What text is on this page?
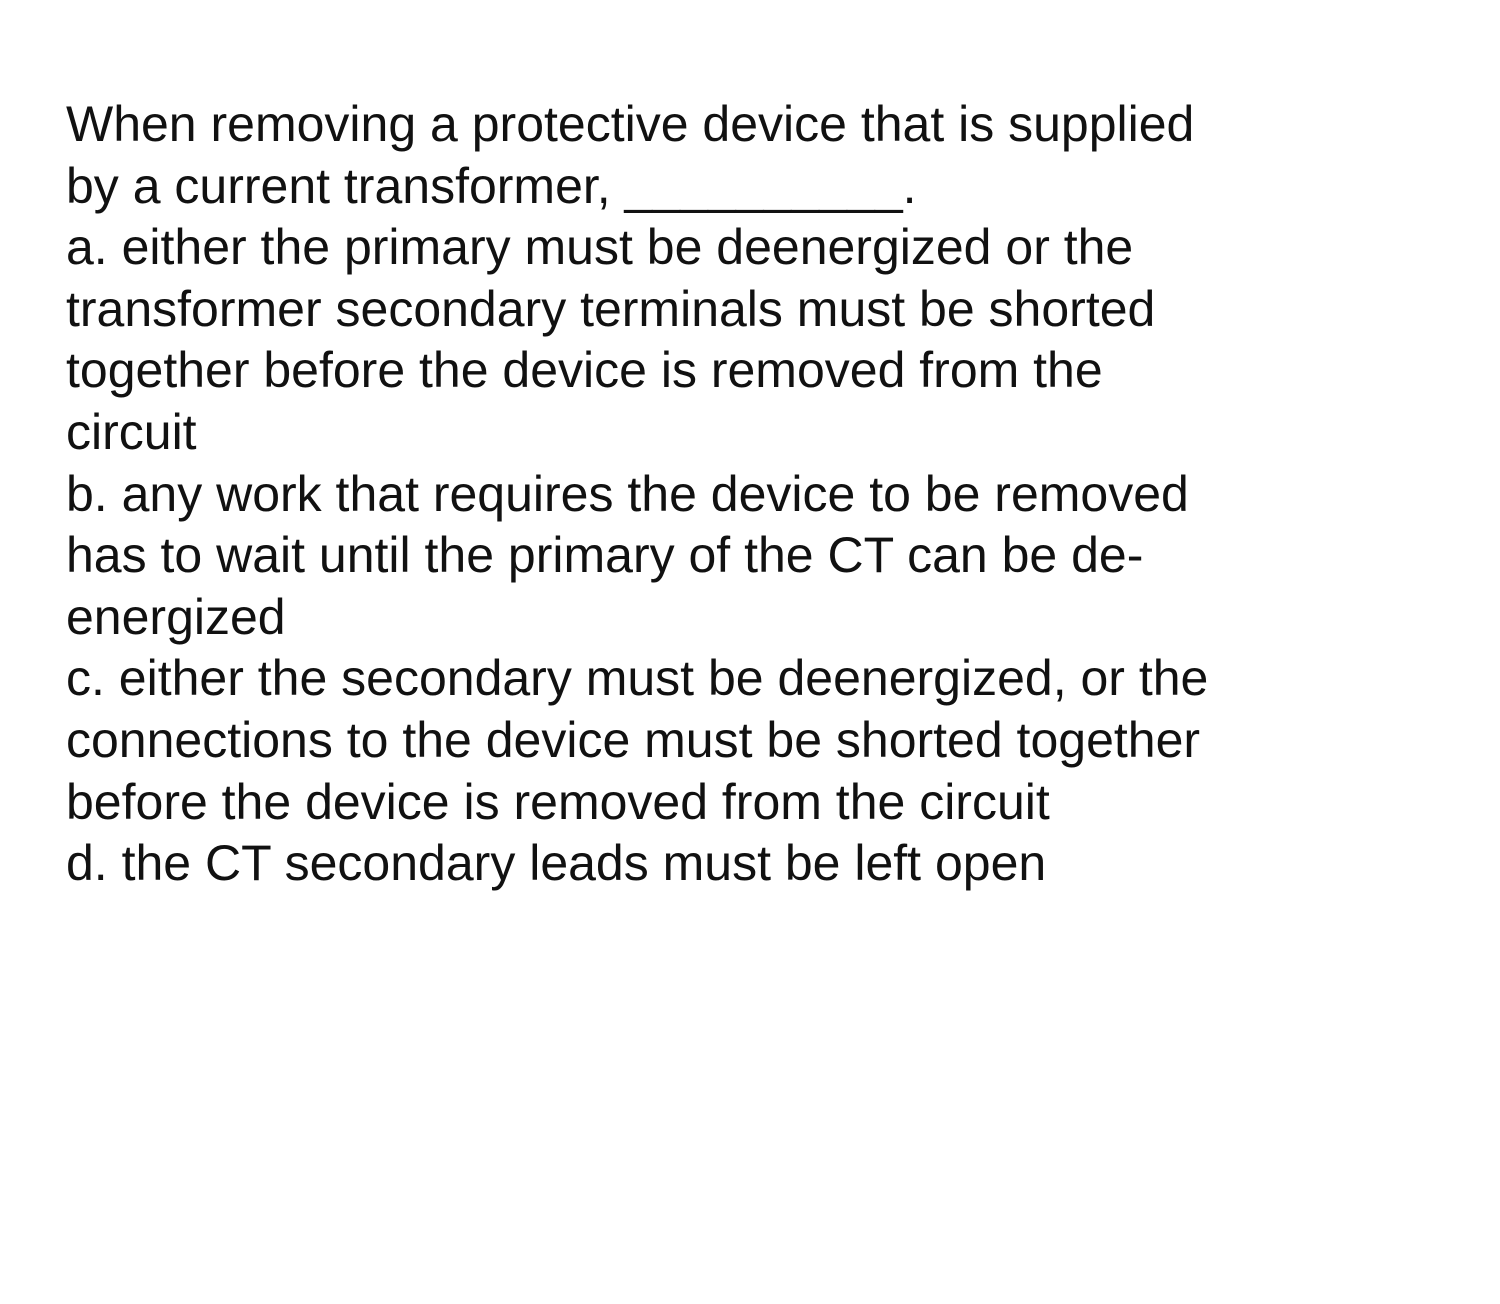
When removing a protective device that is supplied
by a current transformer, __________.
a. either the primary must be deenergized or the
transformer secondary terminals must be shorted
together before the device is removed from the
circuit
b. any work that requires the device to be removed
has to wait until the primary of the CT can be de-
energized
c. either the secondary must be deenergized, or the
connections to the device must be shorted together
before the device is removed from the circuit
d. the CT secondary leads must be left open
